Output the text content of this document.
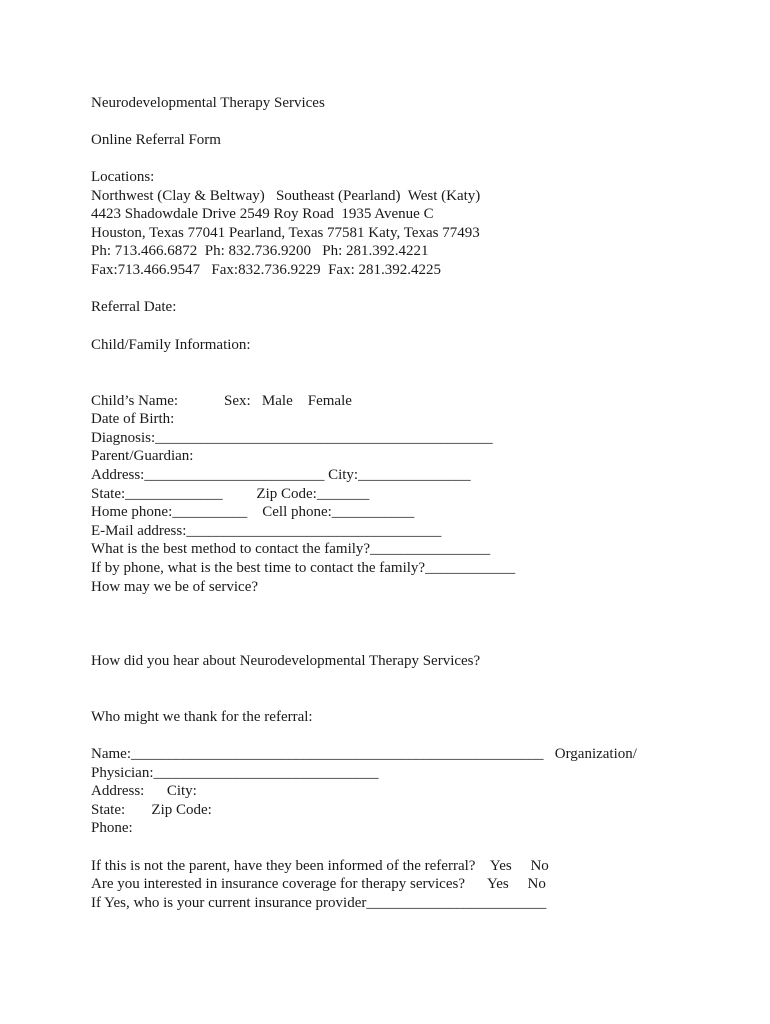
Neurodevelopmental Therapy Services

Online Referral Form

Locations:

Northwest (Clay & Beltway)   Southeast (Pearland)  West (Katy)

4423 Shadowdale Drive 2549 Roy Road  1935 Avenue C

Houston, Texas 77041 Pearland, Texas 77581 Katy, Texas 77493

Ph: 713.466.6872  Ph: 832.736.9200   Ph: 281.392.4221

Fax:713.466.9547   Fax:832.736.9229  Fax: 281.392.4225

Referral Date:

Child/Family Information:

Child’s Name:	Sex:   Male    Female

Date of Birth:

Diagnosis:_____________________________________________

Parent/Guardian:

Address:________________________ City:_______________

State:_____________         Zip Code:_______

Home phone:__________    Cell phone:___________

E-Mail address:__________________________________

What is the best method to contact the family?________________

If by phone, what is the best time to contact the family?____________

How may we be of service?

How did you hear about Neurodevelopmental Therapy Services?

Who might we thank for the referral:

Name:_______________________________________________________   Organization/

Physician:______________________________

Address:      City:

State:       Zip Code:

Phone:

If this is not the parent, have they been informed of the referral?    Yes     No

Are you interested in insurance coverage for therapy services?      Yes     No

If Yes, who is your current insurance provider________________________
